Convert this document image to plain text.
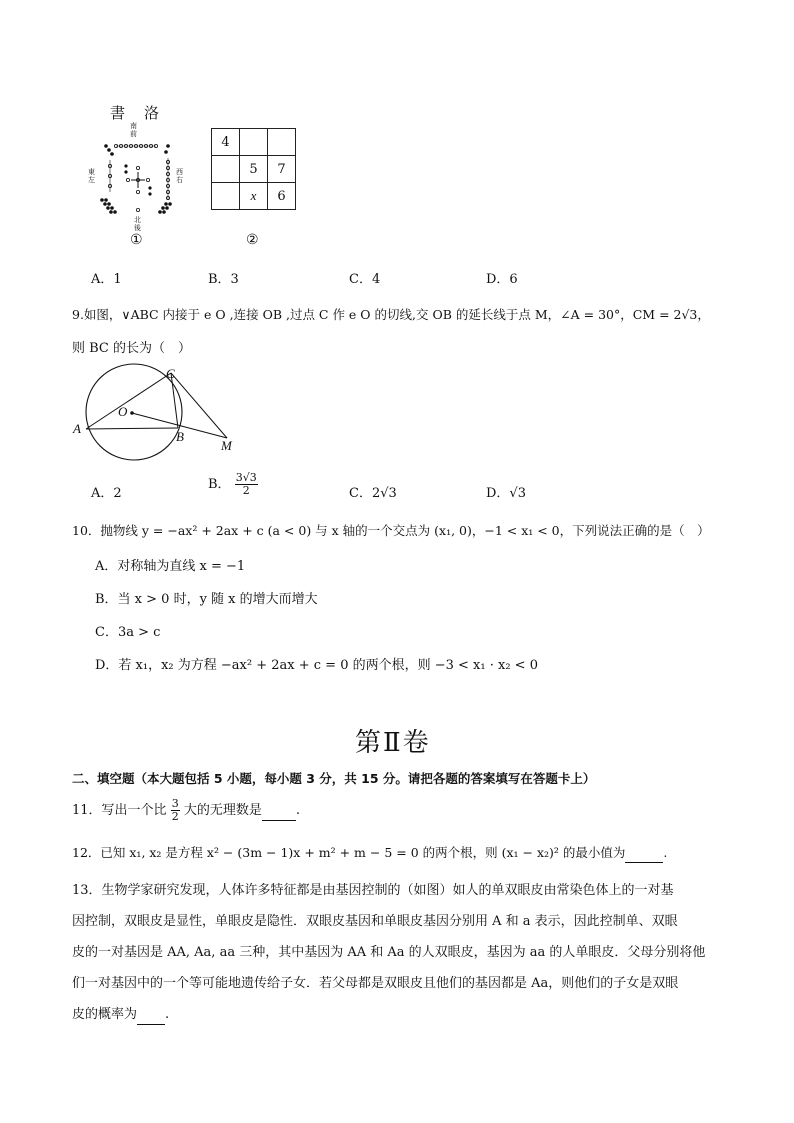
書　洛
南前
東左
西右
北後
①
4		
	5	7
	x	6
②
A．1	B．3	C．4	D．6
9.如图，∨ABC 内接于 e O ,连接 OB ,过点 C 作 e O 的切线,交 OB 的延长线于点 M，∠A = 30°，CM = 2√3，
则 BC 的长为（　）
A
C
O
B
M
A．2
B． $\frac{3√3}{2}$	C．2√3	D．√3
10．抛物线 y = −ax² + 2ax + c (a < 0) 与 x 轴的一个交点为 (x₁, 0)，−1 < x₁ < 0，下列说法正确的是（　）
A．对称轴为直线 x = −1
B．当 x > 0 时，y 随 x 的增大而增大
C．3a > c
D．若 x₁，x₂ 为方程 −ax² + 2ax + c = 0 的两个根，则 −3 < x₁ · x₂ < 0
第Ⅱ卷
二、填空题（本大题包括 5 小题，每小题 3 分，共 15 分。请把各题的答案填写在答题卡上）
11．写出一个比 $\frac{3}{2}$ 大的无理数是	.
12．已知 x₁, x₂ 是方程 x² − (3m − 1)x + m² + m − 5 = 0 的两个根，则 (x₁ − x₂)² 的最小值为	.
13．生物学家研究发现，人体许多特征都是由基因控制的（如图）如人的单双眼皮由常染色体上的一对基
因控制，双眼皮是显性，单眼皮是隐性．双眼皮基因和单眼皮基因分别用 A 和 a 表示，因此控制单、双眼
皮的一对基因是 AA, Aa, aa 三种，其中基因为 AA 和 Aa 的人双眼皮，基因为 aa 的人单眼皮．父母分别将他
们一对基因中的一个等可能地遗传给子女．若父母都是双眼皮且他们的基因都是 Aa，则他们的子女是双眼
皮的概率为 .
